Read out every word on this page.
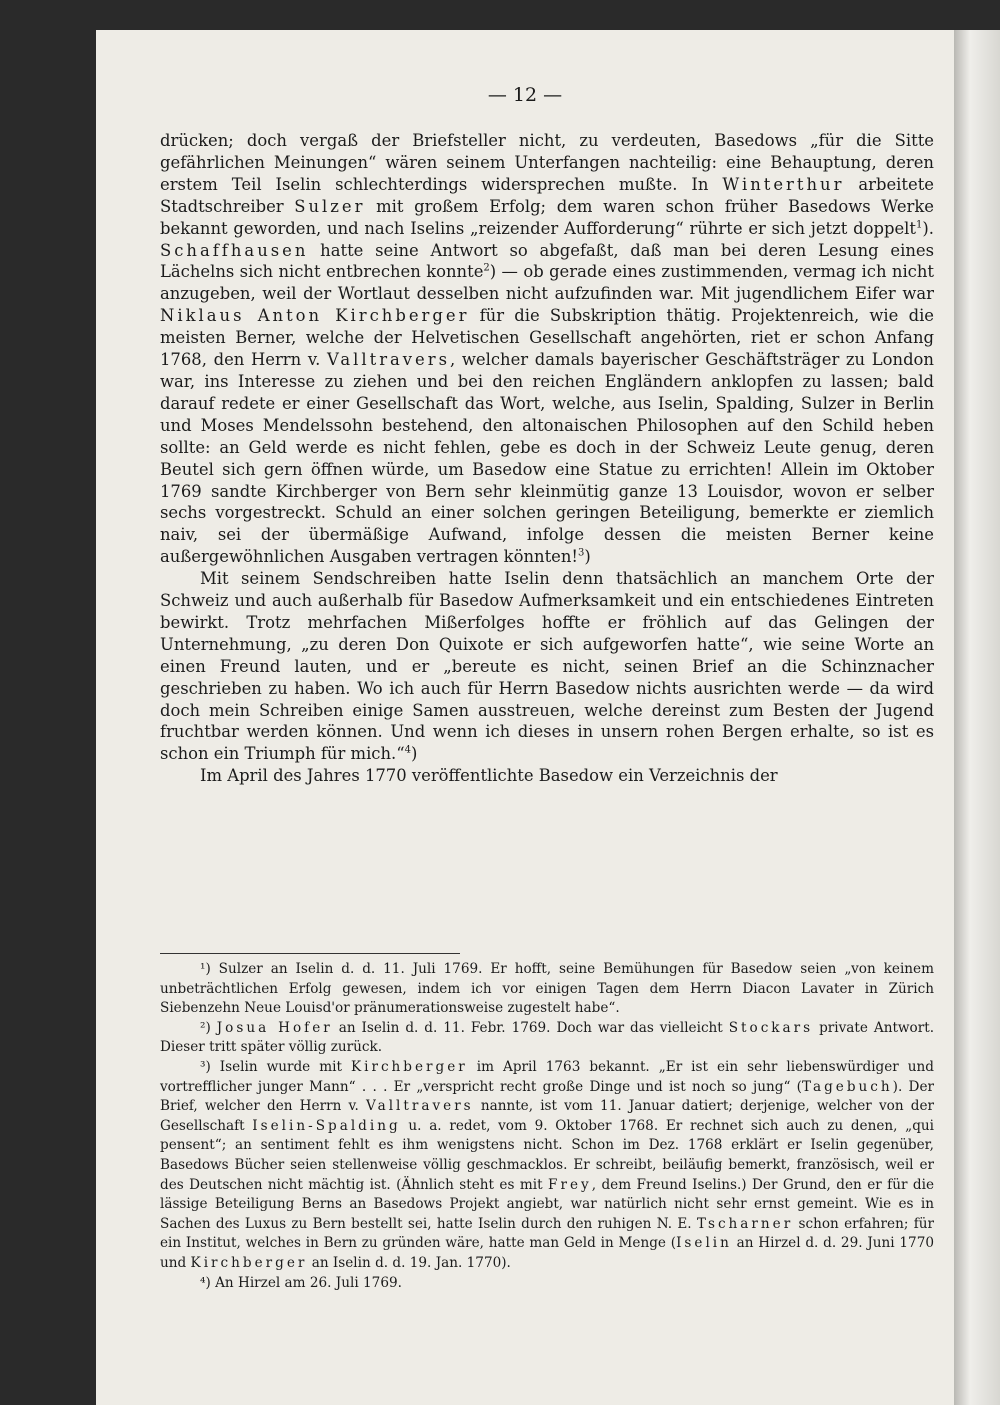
— 12 —

drücken; doch vergaß der Briefsteller nicht, zu verdeuten, Basedows „für die Sitte gefährlichen Meinungen“ wären seinem Unterfangen nachteilig: eine Behauptung, deren erstem Teil Iselin schlechterdings widersprechen mußte. In Winterthur arbeitete Stadtschreiber Sulzer mit großem Erfolg; dem waren schon früher Basedows Werke bekannt geworden, und nach Iselins „reizender Aufforderung“ rührte er sich jetzt doppelt$^1$). Schaffhausen hatte seine Antwort so abgefaßt, daß man bei deren Lesung eines Lächelns sich nicht entbrechen konnte$^2$) — ob gerade eines zustimmenden, vermag ich nicht anzugeben, weil der Wortlaut desselben nicht aufzufinden war. Mit jugendlichem Eifer war Niklaus Anton Kirchberger für die Subskription thätig. Projektenreich, wie die meisten Berner, welche der Helvetischen Gesellschaft angehörten, riet er schon Anfang 1768, den Herrn v. Valltravers, welcher damals bayerischer Geschäftsträger zu London war, ins Interesse zu ziehen und bei den reichen Engländern anklopfen zu lassen; bald darauf redete er einer Gesellschaft das Wort, welche, aus Iselin, Spalding, Sulzer in Berlin und Moses Mendelssohn bestehend, den altonaischen Philosophen auf den Schild heben sollte: an Geld werde es nicht fehlen, gebe es doch in der Schweiz Leute genug, deren Beutel sich gern öffnen würde, um Basedow eine Statue zu errichten! Allein im Oktober 1769 sandte Kirchberger von Bern sehr kleinmütig ganze 13 Louisdor, wovon er selber sechs vorgestreckt. Schuld an einer solchen geringen Beteiligung, bemerkte er ziemlich naiv, sei der übermäßige Aufwand, infolge dessen die meisten Berner keine außergewöhnlichen Ausgaben vertragen könnten!$^3$)

Mit seinem Sendschreiben hatte Iselin denn thatsächlich an manchem Orte der Schweiz und auch außerhalb für Basedow Aufmerksamkeit und ein entschiedenes Eintreten bewirkt. Trotz mehrfachen Mißerfolges hoffte er fröhlich auf das Gelingen der Unternehmung, „zu deren Don Quixote er sich aufgeworfen hatte“, wie seine Worte an einen Freund lauten, und er „bereute es nicht, seinen Brief an die Schinznacher geschrieben zu haben. Wo ich auch für Herrn Basedow nichts ausrichten werde — da wird doch mein Schreiben einige Samen ausstreuen, welche dereinst zum Besten der Jugend fruchtbar werden können. Und wenn ich dieses in unsern rohen Bergen erhalte, so ist es schon ein Triumph für mich.“$^4$)

Im April des Jahres 1770 veröffentlichte Basedow ein Verzeichnis der

¹) Sulzer an Iselin d. d. 11. Juli 1769. Er hofft, seine Bemühungen für Basedow seien „von keinem unbeträchtlichen Erfolg gewesen, indem ich vor einigen Tagen dem Herrn Diacon Lavater in Zürich Siebenzehn Neue Louisd'or pränumerationsweise zugestelt habe“.

²) Josua Hofer an Iselin d. d. 11. Febr. 1769. Doch war das vielleicht Stockars private Antwort. Dieser tritt später völlig zurück.

³) Iselin wurde mit Kirchberger im April 1763 bekannt. „Er ist ein sehr liebenswürdiger und vortrefflicher junger Mann“ . . . Er „verspricht recht große Dinge und ist noch so jung“ (Tagebuch). Der Brief, welcher den Herrn v. Valltravers nannte, ist vom 11. Januar datiert; derjenige, welcher von der Gesellschaft Iselin-Spalding u. a. redet, vom 9. Oktober 1768. Er rechnet sich auch zu denen, „qui pensent“; an sentiment fehlt es ihm wenigstens nicht. Schon im Dez. 1768 erklärt er Iselin gegenüber, Basedows Bücher seien stellenweise völlig geschmacklos. Er schreibt, beiläufig bemerkt, französisch, weil er des Deutschen nicht mächtig ist. (Ähnlich steht es mit Frey, dem Freund Iselins.) Der Grund, den er für die lässige Beteiligung Berns an Basedows Projekt angiebt, war natürlich nicht sehr ernst gemeint. Wie es in Sachen des Luxus zu Bern bestellt sei, hatte Iselin durch den ruhigen N. E. Tscharner schon erfahren; für ein Institut, welches in Bern zu gründen wäre, hatte man Geld in Menge (Iselin an Hirzel d. d. 29. Juni 1770 und Kirchberger an Iselin d. d. 19. Jan. 1770).

⁴) An Hirzel am 26. Juli 1769.
